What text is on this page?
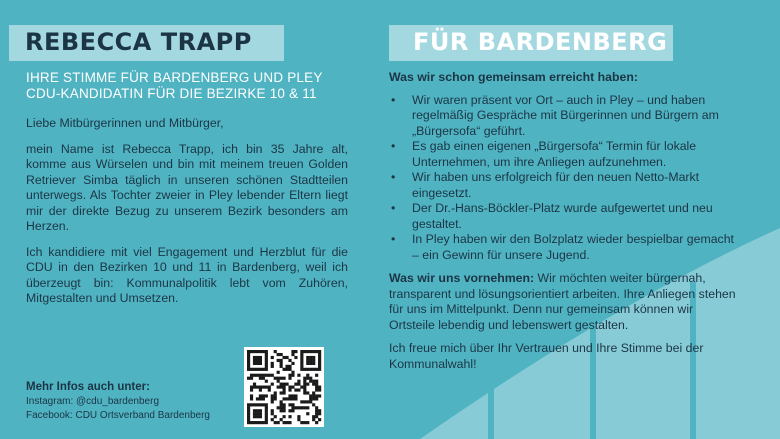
REBECCA TRAPP	FÜR BARDENBERG
IHRE STIMME FÜR BARDENBERG UND PLEY
CDU-KANDIDATIN FÜR DIE BEZIRKE 10 & 11

Liebe Mitbürgerinnen und Mitbürger,

mein Name ist Rebecca Trapp, ich bin 35 Jahre alt, komme aus Würselen und bin mit meinem treuen Golden Retriever Simba täglich in unseren schönen Stadtteilen unterwegs. Als Tochter zweier in Pley lebender Eltern liegt mir der direkte Bezug zu unserem Bezirk besonders am Herzen.

Ich kandidiere mit viel Engagement und Herzblut für die CDU in den Bezirken 10 und 11 in Bardenberg, weil ich überzeugt bin: Kommunalpolitik lebt vom Zuhören, Mitgestalten und Umsetzen.

Was wir schon gemeinsam erreicht haben:
• Wir waren präsent vor Ort – auch in Pley – und haben regelmäßig Gespräche mit Bürgerinnen und Bürgern am „Bürgersofa“ geführt.
• Es gab einen eigenen „Bürgersofa“ Termin für lokale Unternehmen, um ihre Anliegen aufzunehmen.
• Wir haben uns erfolgreich für den neuen Netto-Markt eingesetzt.
• Der Dr.-Hans-Böckler-Platz wurde aufgewertet und neu gestaltet.
• In Pley haben wir den Bolzplatz wieder bespielbar gemacht – ein Gewinn für unsere Jugend.

Was wir uns vornehmen: Wir möchten weiter bürgernah, transparent und lösungsorientiert arbeiten. Ihre Anliegen stehen für uns im Mittelpunkt. Denn nur gemeinsam können wir Ortsteile lebendig und lebenswert gestalten.

Ich freue mich über Ihr Vertrauen und Ihre Stimme bei der Kommunalwahl!

Mehr Infos auch unter:
Instagram: @cdu_bardenberg
Facebook: CDU Ortsverband Bardenberg
